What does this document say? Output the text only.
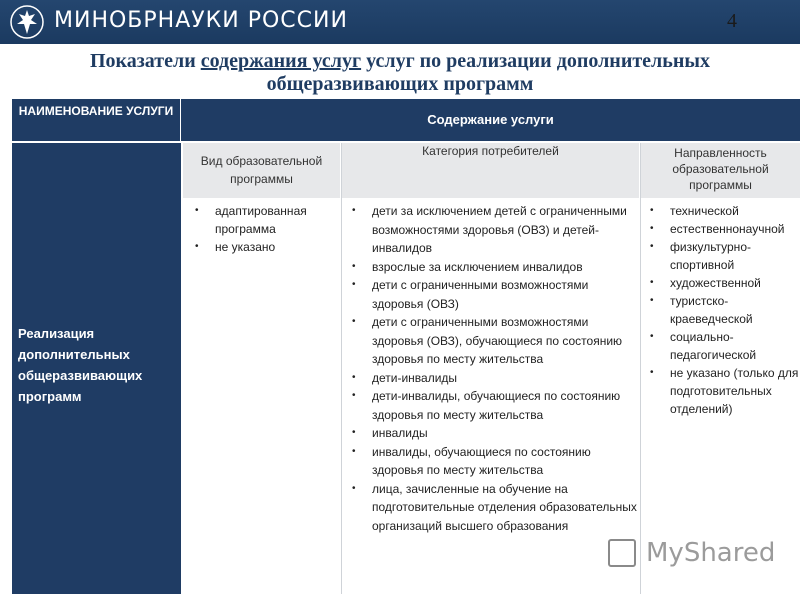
МИНОБРНАУКИ РОССИИ	4
Показатели содержания услуг услуг по реализации дополнительных
общеразвивающих программ
НАИМЕНОВАНИЕ УСЛУГИ
Содержание услуги
Реализация дополнительных общеразвивающих программ
Вид образовательной программы
Категория потребителей	Направленность образовательной программы
• адаптированная программа
• не указано
• дети за исключением детей с ограниченными возможностями здоровья (ОВЗ) и детей-инвалидов
• взрослые за исключением инвалидов
• дети с ограниченными возможностями здоровья (ОВЗ)
• дети с ограниченными возможностями здоровья (ОВЗ), обучающиеся по состоянию здоровья по месту жительства
• дети-инвалиды
• дети-инвалиды, обучающиеся по состоянию здоровья по месту жительства
• инвалиды
• инвалиды, обучающиеся по состоянию здоровья по месту жительства
• лица, зачисленные на обучение на подготовительные отделения образовательных организаций высшего образования
• технической
• естественнонаучной
• физкультурно-спортивной
• художественной
• туристско-краеведческой
• социально-педагогической
• не указано (только для подготовительных отделений)
MyShared
